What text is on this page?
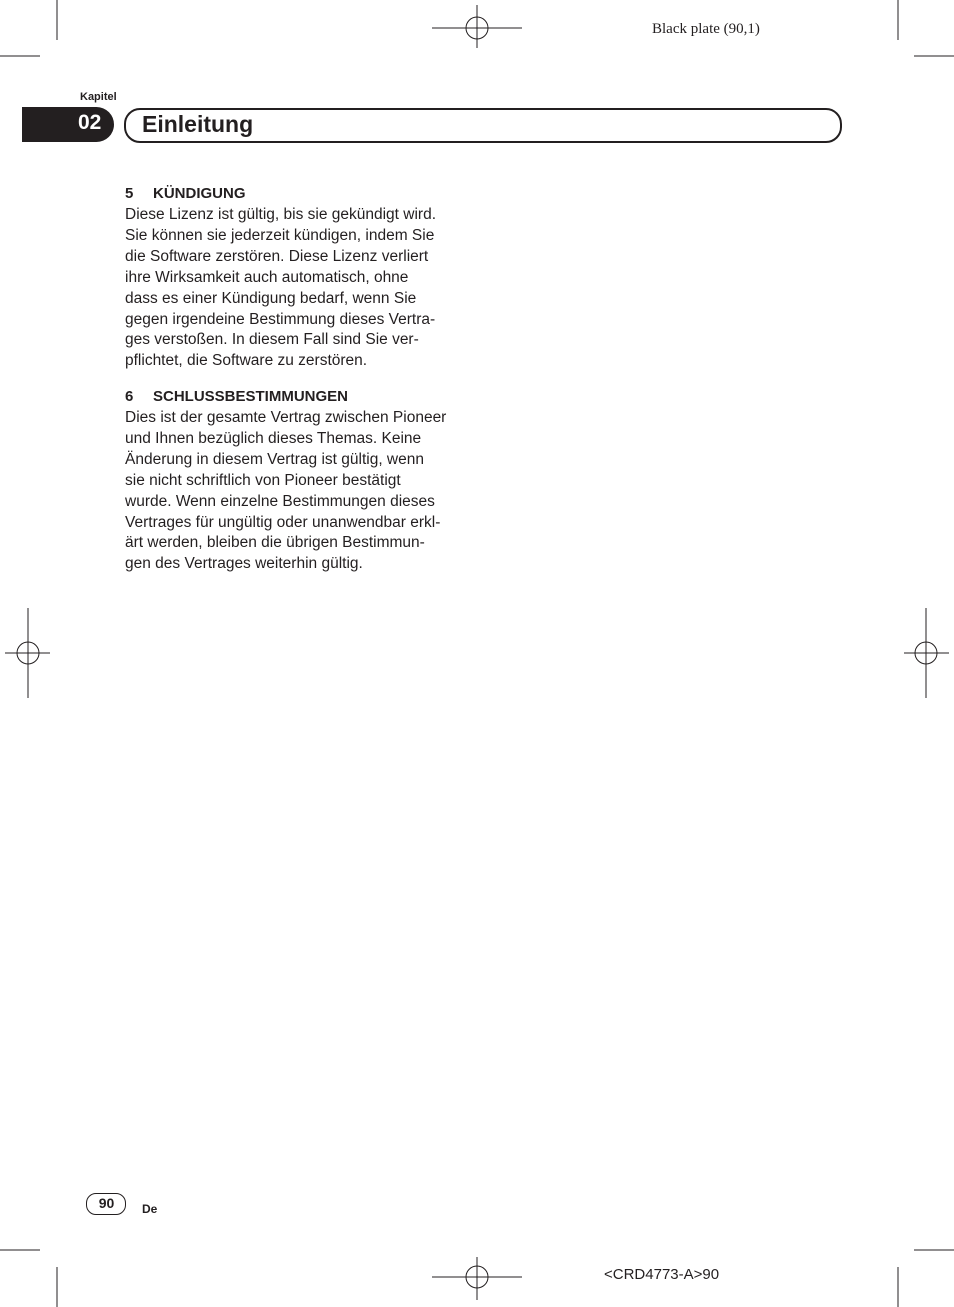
Black plate (90,1)
Kapitel
02 Einleitung
5 KÜNDIGUNG
Diese Lizenz ist gültig, bis sie gekündigt wird.
Sie können sie jederzeit kündigen, indem Sie
die Software zerstören. Diese Lizenz verliert
ihre Wirksamkeit auch automatisch, ohne
dass es einer Kündigung bedarf, wenn Sie
gegen irgendeine Bestimmung dieses Vertra-
ges verstoßen. In diesem Fall sind Sie ver-
pflichtet, die Software zu zerstören.
6 SCHLUSSBESTIMMUNGEN
Dies ist der gesamte Vertrag zwischen Pioneer
und Ihnen bezüglich dieses Themas. Keine
Änderung in diesem Vertrag ist gültig, wenn
sie nicht schriftlich von Pioneer bestätigt
wurde. Wenn einzelne Bestimmungen dieses
Vertrages für ungültig oder unanwendbar erkl-
ärt werden, bleiben die übrigen Bestimmun-
gen des Vertrages weiterhin gültig.
90	De
<CRD4773-A>90
